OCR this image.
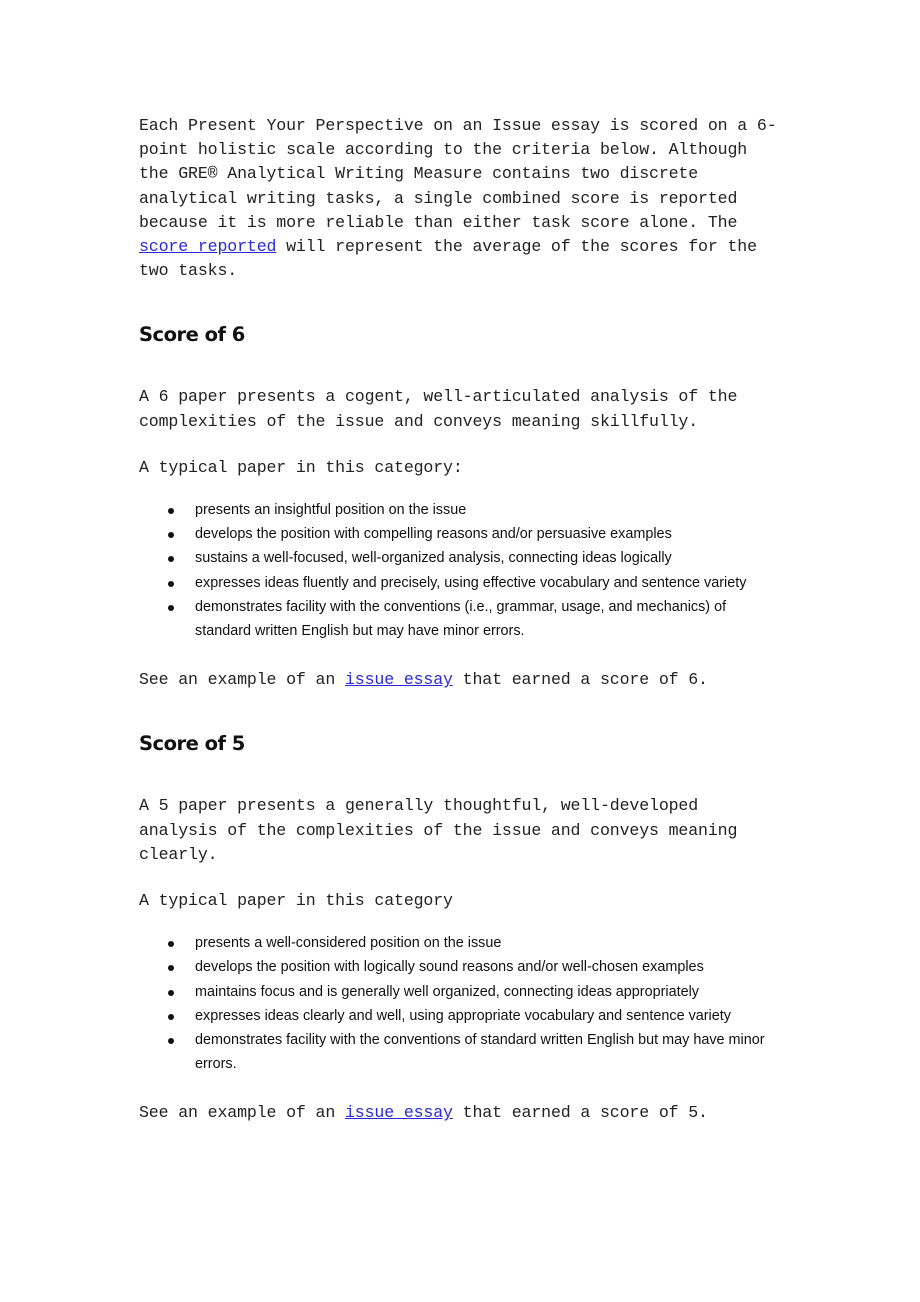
Each Present Your Perspective on an Issue essay is scored on a 6-point holistic scale according to the criteria below. Although the GRE® Analytical Writing Measure contains two discrete analytical writing tasks, a single combined score is reported because it is more reliable than either task score alone. The score reported will represent the average of the scores for the two tasks.

Score of 6

A 6 paper presents a cogent, well-articulated analysis of the complexities of the issue and conveys meaning skillfully.

A typical paper in this category:

presents an insightful position on the issue
develops the position with compelling reasons and/or persuasive examples
sustains a well-focused, well-organized analysis, connecting ideas logically
expresses ideas fluently and precisely, using effective vocabulary and sentence variety
demonstrates facility with the conventions (i.e., grammar, usage, and mechanics) of standard written English but may have minor errors.

See an example of an issue essay that earned a score of 6.

Score of 5

A 5 paper presents a generally thoughtful, well-developed analysis of the complexities of the issue and conveys meaning clearly.

A typical paper in this category

presents a well-considered position on the issue
develops the position with logically sound reasons and/or well-chosen examples
maintains focus and is generally well organized, connecting ideas appropriately
expresses ideas clearly and well, using appropriate vocabulary and sentence variety
demonstrates facility with the conventions of standard written English but may have minor errors.

See an example of an issue essay that earned a score of 5.
